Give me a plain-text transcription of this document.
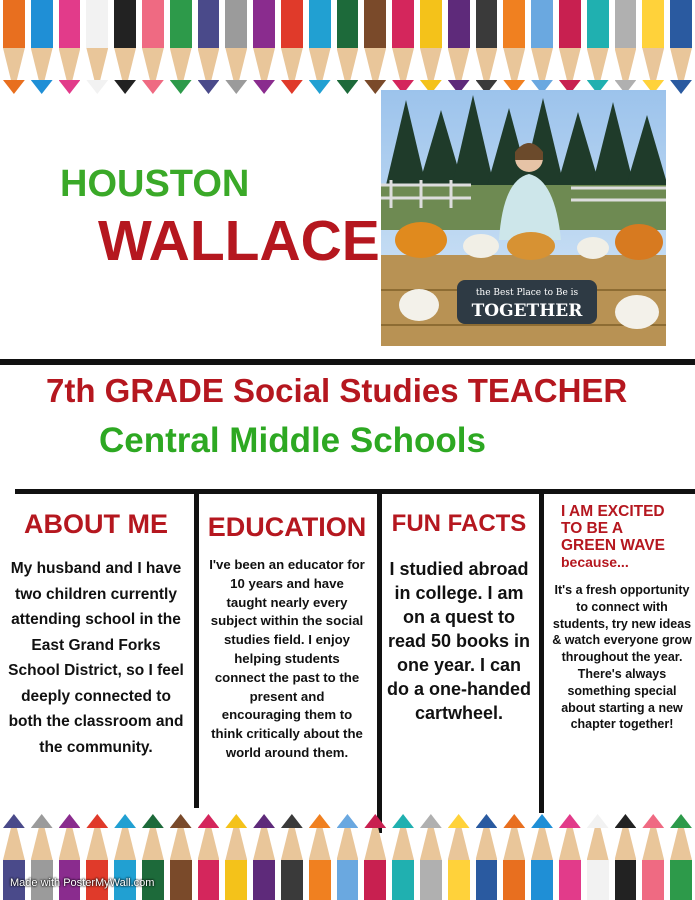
HOUSTON
WALLACE
the Best Place to Be is
TOGETHER
7th GRADE Social Studies TEACHER
Central Middle Schools
ABOUT ME
My husband and I have two children currently attending school in the East Grand Forks School District, so I feel deeply connected to both the classroom and the community.
EDUCATION
I've been an educator for 10 years and have taught nearly every subject within the social studies field. I enjoy helping students connect the past to the present and encouraging them to think critically about the world around them.
FUN FACTS
I studied abroad in college. I am on a quest to read 50 books in one year. I can do a one-handed cartwheel.
I AM EXCITED
TO BE A
GREEN WAVE
because...
It's a fresh opportunity to connect with students, try new ideas & watch everyone grow throughout the year. There's always something special about starting a new chapter together!
Made with PosterMyWall.com
